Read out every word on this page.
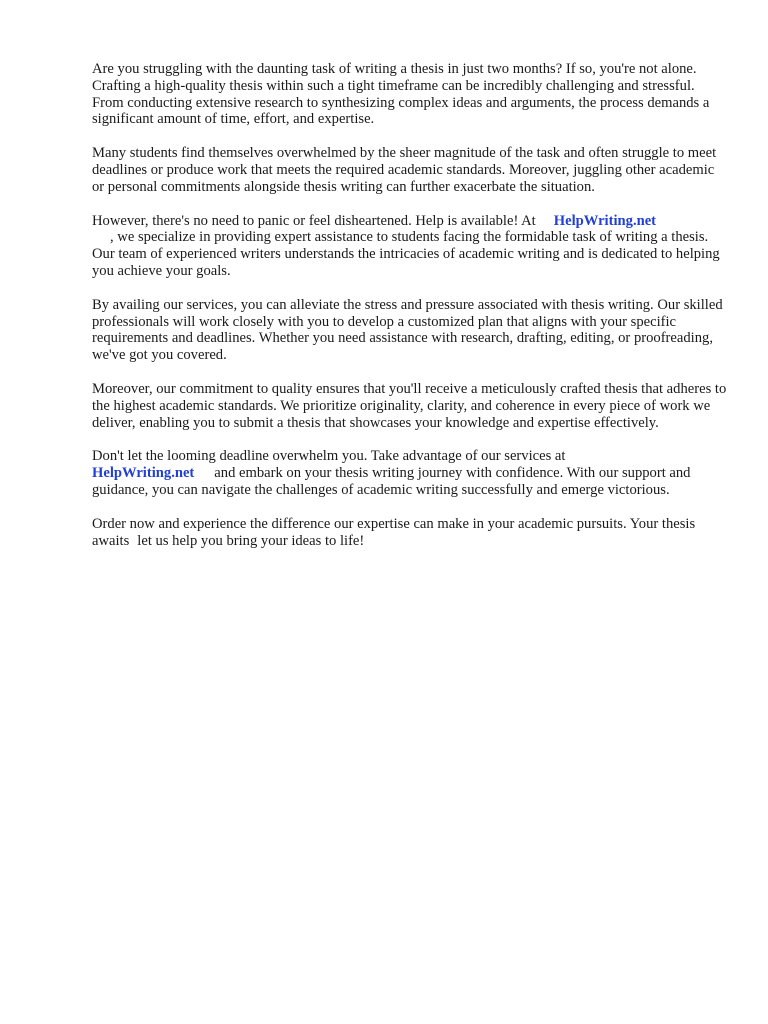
Are you struggling with the daunting task of writing a thesis in just two months? If so, you're not alone. Crafting a high-quality thesis within such a tight timeframe can be incredibly challenging and stressful. From conducting extensive research to synthesizing complex ideas and arguments, the process demands a significant amount of time, effort, and expertise.

Many students find themselves overwhelmed by the sheer magnitude of the task and often struggle to meet deadlines or produce work that meets the required academic standards. Moreover, juggling other academic or personal commitments alongside thesis writing can further exacerbate the situation.

However, there's no need to panic or feel disheartened. Help is available! At HelpWriting.net
, we specialize in providing expert assistance to students facing the formidable task of writing a thesis. Our team of experienced writers understands the intricacies of academic writing and is dedicated to helping you achieve your goals.

By availing our services, you can alleviate the stress and pressure associated with thesis writing. Our skilled professionals will work closely with you to develop a customized plan that aligns with your specific requirements and deadlines. Whether you need assistance with research, drafting, editing, or proofreading, we've got you covered.

Moreover, our commitment to quality ensures that you'll receive a meticulously crafted thesis that adheres to the highest academic standards. We prioritize originality, clarity, and coherence in every piece of work we deliver, enabling you to submit a thesis that showcases your knowledge and expertise effectively.

Don't let the looming deadline overwhelm you. Take advantage of our services at
HelpWriting.net and embark on your thesis writing journey with confidence. With our support and guidance, you can navigate the challenges of academic writing successfully and emerge victorious.

Order now and experience the difference our expertise can make in your academic pursuits. Your thesis awaits let us help you bring your ideas to life!
